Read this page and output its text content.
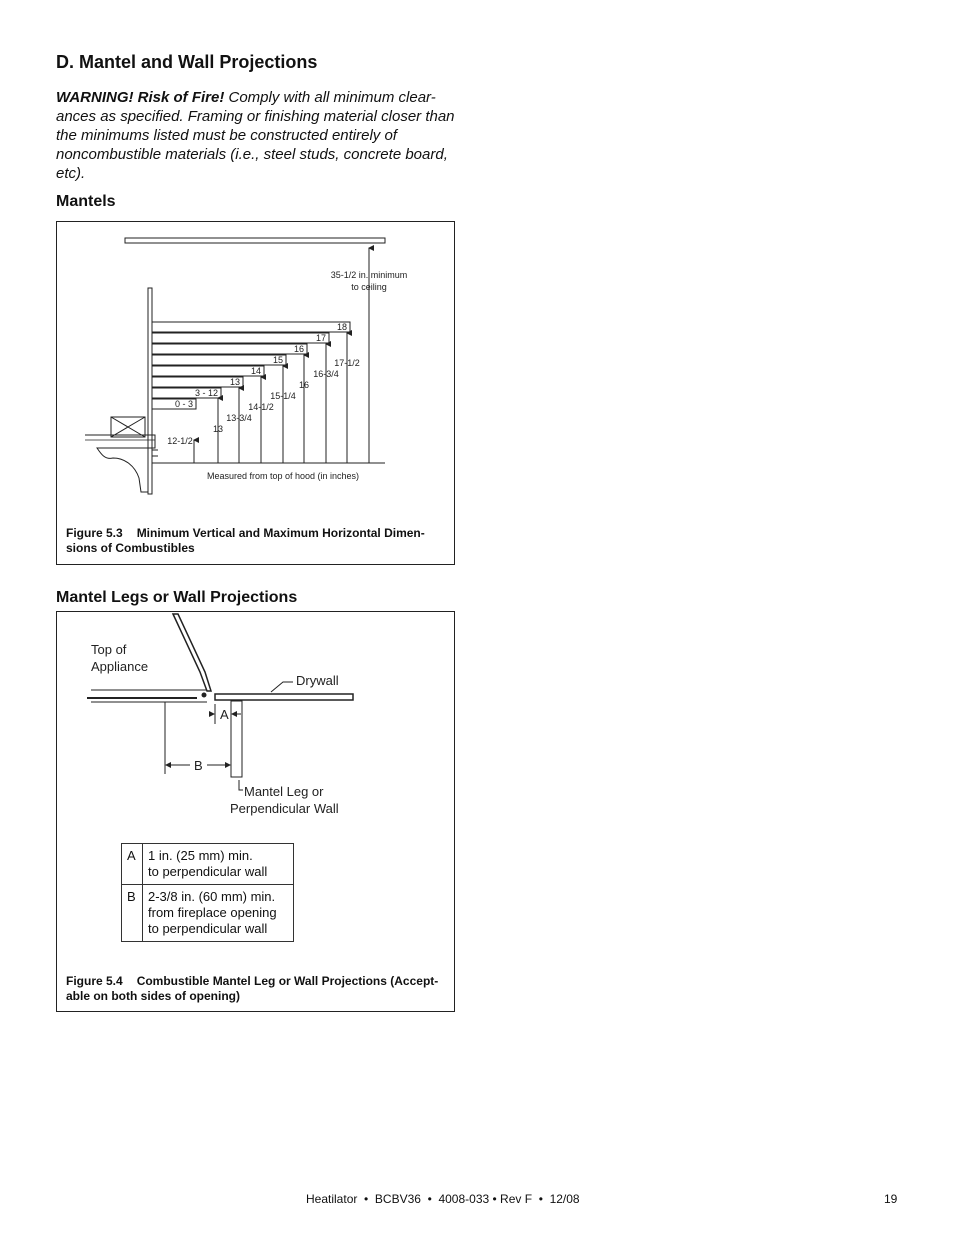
D. Mantel and Wall Projections
WARNING! Risk of Fire! Comply with all minimum clear-ances as specified. Framing or finishing material closer than the minimums listed must be constructed entirely of noncombustible materials (i.e., steel studs, concrete board, etc).
Mantels
0 - 3
3 - 12
13
14
15
16
17
18
12-1/2
13
13-3/4
14-1/2
15-1/4
16
16-3/4
17-1/2
35-1/2 in. minimum
to ceiling
Measured from top of hood (in inches)
Figure 5.3 Minimum Vertical and Maximum Horizontal Dimen-sions of Combustibles
Mantel Legs or Wall Projections
Top of
Appliance
Drywall
A
B
Mantel Leg or
Perpendicular Wall
A	1 in. (25 mm) min.
to perpendicular wall
B	2-3/8 in. (60 mm) min.
from fireplace opening
to perpendicular wall
Figure 5.4 Combustible Mantel Leg or Wall Projections (Accept-able on both sides of opening)
Heatilator  •  BCBV36  •  4008-033 • Rev F  •  12/08	19
